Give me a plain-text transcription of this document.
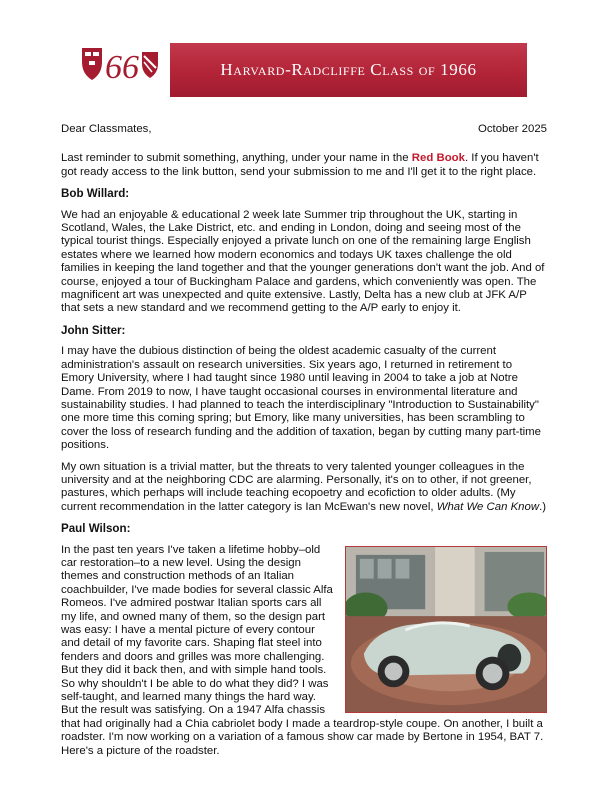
66	Harvard-Radcliffe Class of 1966
Dear Classmates,	October 2025

Last reminder to submit something, anything, under your name in the Red Book. If you haven't got ready access to the link button, send your submission to me and I'll get it to the right place.

Bob Willard:

We had an enjoyable & educational 2 week late Summer trip throughout the UK, starting in Scotland, Wales, the Lake District, etc. and ending in London, doing and seeing most of the typical tourist things. Especially enjoyed a private lunch on one of the remaining large English estates where we learned how modern economics and todays UK taxes challenge the old families in keeping the land together and that the younger generations don't want the job. And of course, enjoyed a tour of Buckingham Palace and gardens, which conveniently was open. The magnificent art was unexpected and quite extensive. Lastly, Delta has a new club at JFK A/P that sets a new standard and we recommend getting to the A/P early to enjoy it.

John Sitter:

I may have the dubious distinction of being the oldest academic casualty of the current administration's assault on research universities. Six years ago, I returned in retirement to Emory University, where I had taught since 1980 until leaving in 2004 to take a job at Notre Dame. From 2019 to now, I have taught occasional courses in environmental literature and sustainability studies. I had planned to teach the interdisciplinary "Introduction to Sustainability" one more time this coming spring; but Emory, like many universities, has been scrambling to cover the loss of research funding and the addition of taxation, began by cutting many part-time positions.

My own situation is a trivial matter, but the threats to very talented younger colleagues in the university and at the neighboring CDC are alarming. Personally, it's on to other, if not greener, pastures, which perhaps will include teaching ecopoetry and ecofiction to older adults. (My current recommendation in the latter category is Ian McEwan's new novel, What We Can Know.)

Paul Wilson:

In the past ten years I've taken a lifetime hobby–old car restoration–to a new level. Using the design themes and construction methods of an Italian coachbuilder, I've made bodies for several classic Alfa Romeos. I've admired postwar Italian sports cars all my life, and owned many of them, so the design part was easy: I have a mental picture of every contour and detail of my favorite cars. Shaping flat steel into fenders and doors and grilles was more challenging. But they did it back then, and with simple hand tools. So why shouldn't I be able to do what they did? I was self-taught, and learned many things the hard way. But the result was satisfying. On a 1947 Alfa chassis that had originally had a Chia cabriolet body I made a teardrop-style coupe. On another, I built a roadster. I'm now working on a variation of a famous show car made by Bertone in 1954, BAT 7. Here's a picture of the roadster.
